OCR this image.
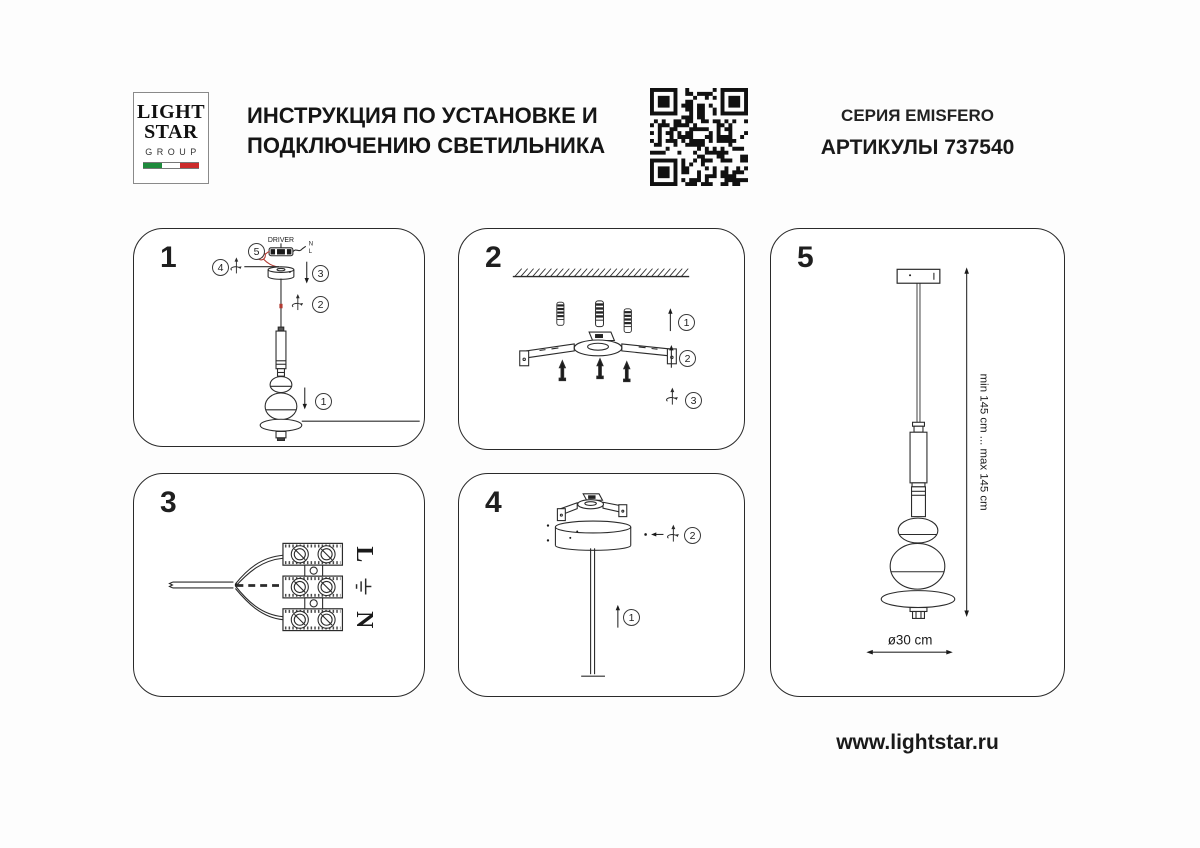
LIGHT
STAR
GROUP
ИНСТРУКЦИЯ ПО УСТАНОВКЕ И
ПОДКЛЮЧЕНИЮ СВЕТИЛЬНИКА
СЕРИЯ EMISFERO
АРТИКУЛЫ 737540
DRIVER
N
L
1	5
4	3
2
1
2
1
2
3
L
N
3	4
2
1
min 145 cm ... max 145 cm
ø30 cm
5
www.lightstar.ru
